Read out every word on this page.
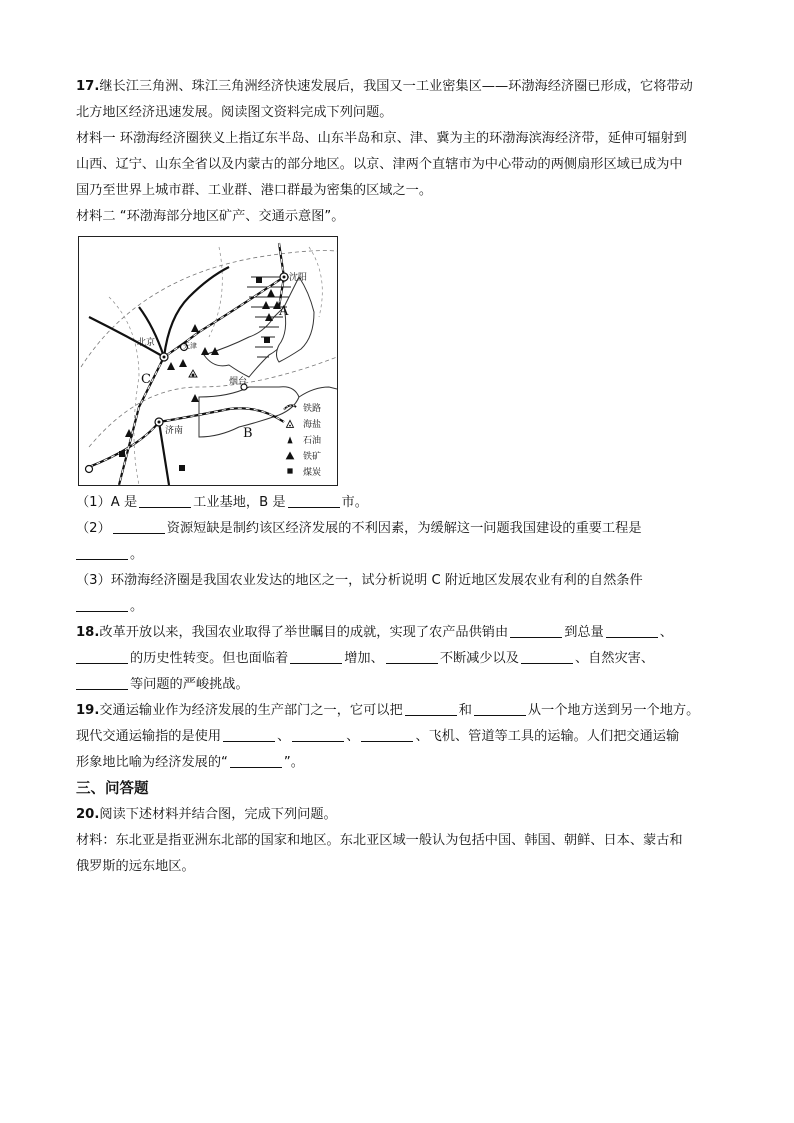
17.继长江三角洲、珠江三角洲经济快速发展后，我国又一工业密集区——环渤海经济圈已形成，它将带动

北方地区经济迅速发展。阅读图文资料完成下列问题。

材料一 环渤海经济圈狭义上指辽东半岛、山东半岛和京、津、冀为主的环渤海滨海经济带，延伸可辐射到

山西、辽宁、山东全省以及内蒙古的部分地区。以京、津两个直辖市为中心带动的两侧扇形区域已成为中

国乃至世界上城市群、工业群、港口群最为密集的区域之一。

材料二 “环渤海部分地区矿产、交通示意图”。

沈阳
北京	天津
烟台
济南
A
B
C
铁路
海盐
石油
铁矿
煤炭

（1）A 是	工业基地，B 是	市。

（2）	资源短缺是制约该区经济发展的不利因素，为缓解这一问题我国建设的重要工程是

。

（3）环渤海经济圈是我国农业发达的地区之一，试分析说明 C 附近地区发展农业有利的自然条件

。

18.改革开放以来，我国农业取得了举世瞩目的成就，实现了农产品供销由	到总量	、

的历史性转变。但也面临着	增加、	不断减少以及	、自然灾害、

等问题的严峻挑战。

19.交通运输业作为经济发展的生产部门之一，它可以把	和	从一个地方送到另一个地方。

现代交通运输指的是使用	、	、	、飞机、管道等工具的运输。人们把交通运输

形象地比喻为经济发展的“	”。

三、问答题

20.阅读下述材料并结合图，完成下列问题。

材料：东北亚是指亚洲东北部的国家和地区。东北亚区域一般认为包括中国、韩国、朝鲜、日本、蒙古和

俄罗斯的远东地区。
